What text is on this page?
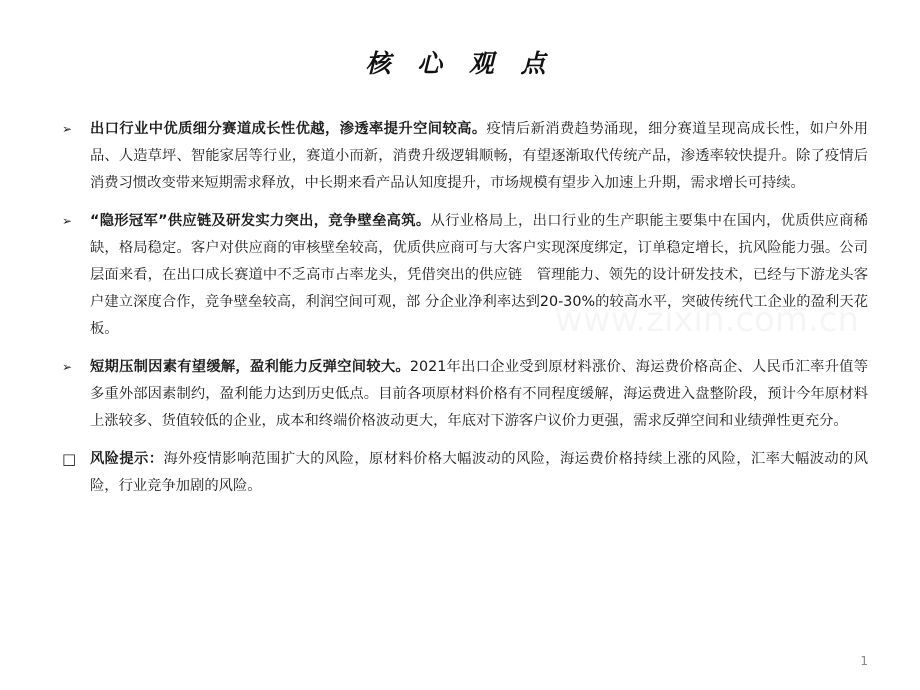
核 心 观 点
➢	出口行业中优质细分赛道成长性优越，渗透率提升空间较高。疫情后新消费趋势涌现，细分赛道呈现高成长性，如户外用品、人造草坪、智能家居等行业，赛道小而新，消费升级逻辑顺畅，有望逐渐取代传统产品，渗透率较快提升。除了疫情后消费习惯改变带来短期需求释放，中长期来看产品认知度提升，市场规模有望步入加速上升期，需求增长可持续。
➢	“隐形冠军”供应链及研发实力突出，竞争壁垒高筑。从行业格局上，出口行业的生产职能主要集中在国内，优质供应商稀缺，格局稳定。客户对供应商的审核壁垒较高，优质供应商可与大客户实现深度绑定，订单稳定增长，抗风险能力强。公司层面来看，在出口成长赛道中不乏高市占率龙头，凭借突出的供应链　管理能力、领先的设计研发技术，已经与下游龙头客户建立深度合作，竞争壁垒较高，利润空间可观，部 分企业净利率达到20-30%的较高水平，突破传统代工企业的盈利天花板。
➢	短期压制因素有望缓解，盈利能力反弹空间较大。2021年出口企业受到原材料涨价、海运费价格高企、人民币汇率升值等多重外部因素制约，盈利能力达到历史低点。目前各项原材料价格有不同程度缓解，海运费进入盘整阶段，预计今年原材料上涨较多、货值较低的企业，成本和终端价格波动更大，年底对下游客户议价力更强，需求反弹空间和业绩弹性更充分。
□ 风险提示：海外疫情影响范围扩大的风险，原材料价格大幅波动的风险，海运费价格持续上涨的风险，汇率大幅波动的风险，行业竞争加剧的风险。
1
